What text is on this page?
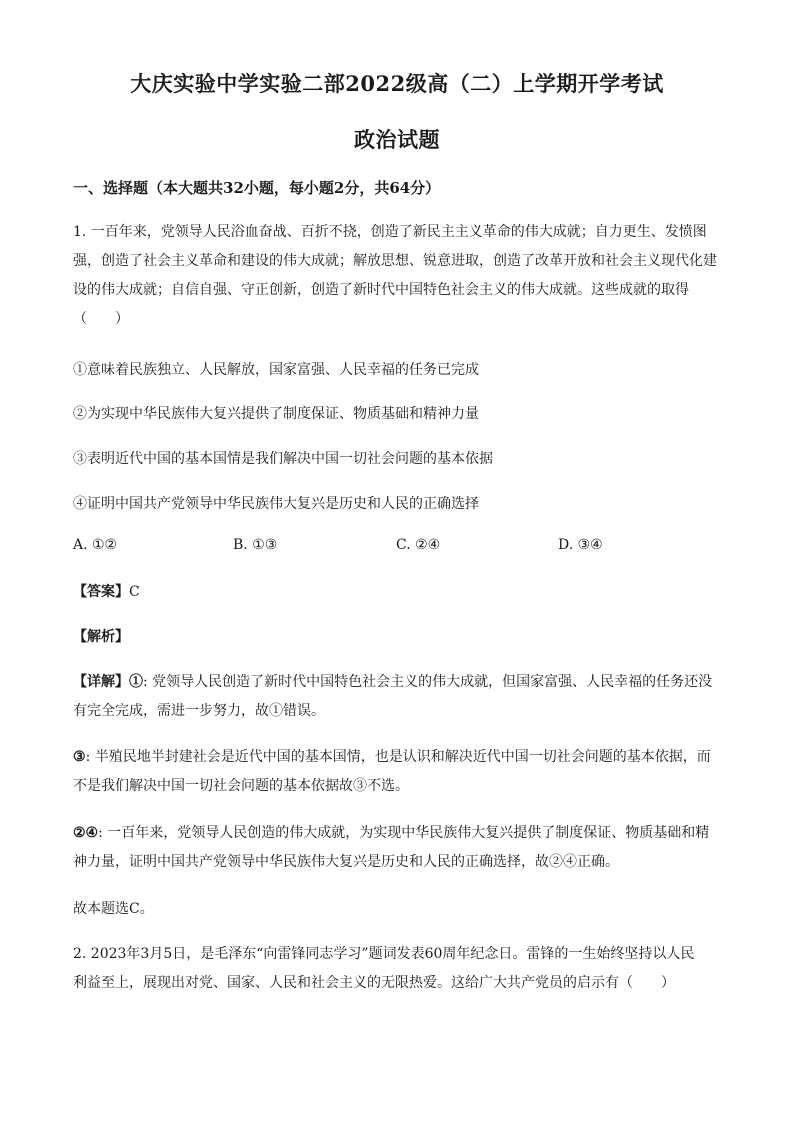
大庆实验中学实验二部2022级高（二）上学期开学考试
政治试题
一、选择题（本大题共32小题，每小题2分，共64分）
1. 一百年来，党领导人民浴血奋战、百折不挠，创造了新民主主义革命的伟大成就；自力更生、发愤图
强，创造了社会主义革命和建设的伟大成就；解放思想、锐意进取，创造了改革开放和社会主义现代化建
设的伟大成就；自信自强、守正创新，创造了新时代中国特色社会主义的伟大成就。这些成就的取得
（　　）
①意味着民族独立、人民解放，国家富强、人民幸福的任务已完成
②为实现中华民族伟大复兴提供了制度保证、物质基础和精神力量
③表明近代中国的基本国情是我们解决中国一切社会问题的基本依据
④证明中国共产党领导中华民族伟大复兴是历史和人民的正确选择
A. ①②	B. ①③	C. ②④	D. ③④
【答案】C
【解析】
【详解】①: 党领导人民创造了新时代中国特色社会主义的伟大成就，但国家富强、人民幸福的任务还没
有完全完成，需进一步努力，故①错误。
③: 半殖民地半封建社会是近代中国的基本国情，也是认识和解决近代中国一切社会问题的基本依据，而
不是我们解决中国一切社会问题的基本依据故③不选。
②④: 一百年来，党领导人民创造的伟大成就，为实现中华民族伟大复兴提供了制度保证、物质基础和精
神力量，证明中国共产党领导中华民族伟大复兴是历史和人民的正确选择，故②④正确。
故本题选C。
2. 2023年3月5日，是毛泽东“向雷锋同志学习”题词发表60周年纪念日。雷锋的一生始终坚持以人民
利益至上，展现出对党、国家、人民和社会主义的无限热爱。这给广大共产党员的启示有（　　）
